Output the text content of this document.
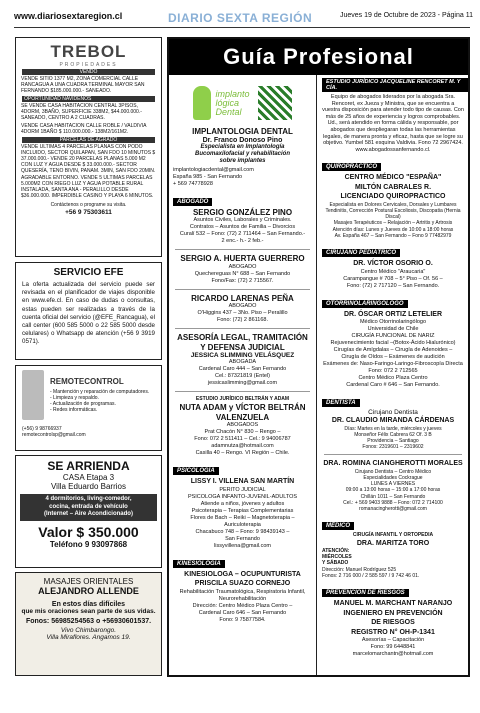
www.diariosextaregion.cl	DIARIO SEXTA REGIÓN	Jueves 19 de Octubre de 2023 - Página 11
TREBOL
PROPIEDADES
VENDO
VENDE SITIO 1377 M2, ZONA COMERCIAL CALLE RANCAGUA A UNA CUADRA TERMINAL MAYOR SAN FERNANDO $185.000.000.- SANEADO.
OPORTUNIDAD NAVIDENOS
SE VENDE CASA HABITACION CENTRAL 3PISOS, 4DORM, 3BAÑO, SUPERFICIE 338M2, $44.000.000.- SANEADO, CENTRO A 2 CUADRAS.
VENDE CASA HABITACION CALLE ROBLE / VALDIVIA 4DORM 1BAÑO $ 110.000.000.- 138M2/161M2.
PARCELAS DE AGRADO
VENDE ULTIMAS 4 PARCELAS PLANAS CON PODO INCLUIDO, SECTOR QUILAPAN, SAN FDO 10 MINUTOS $ 37.000.000.- VENDE 20 PARCELAS PLANAS 5.000 M2 CON LUZ Y AGUA DESDE $ 33.000.000.- SECTOR QUESERÍA, TENO BIVIN, PANAM. 3MIN, SAN FDO 20MIN. AGRADABLE ENTORNO. VENDE 5 ULTIMAS PARCELAS 5.000M2 CON RIEGO LUZ Y AGUA POTABLE RURAL INSTALADA, SANTA ANA - PERALILLO DESDE $36.000.000. IMPERDIBLE CASINO Y PLAYA 6 MINUTOS.
Contáctenos o programe su visita.
+56 9 75303611
SERVICIO EFE
La oferta actualizada del servicio puede ser revisada en el planificador de viajes disponible en www.efe.cl. En caso de dudas o consultas, estas pueden ser realizadas a través de la cuenta oficial del servicio (@EFE_Rancagua), el call center (600 585 5000 o 22 585 5000 desde celulares) o Whatsapp de atención (+56 9 3919 0571).
REMOTECONTROL
- Mantención y reparación de computadores.
- Limpieza y respaldo.
- Actualización de programas.
- Redes informáticas.
(+56) 9 98766937
remotecontrolsp@gmail.com
SE ARRIENDA
CASA Etapa 3
Villa Eduardo Barrios
4 dormitorios, living-comedor,
cocina, entrada de vehículo
(Internet – Aire Acondicionado)
Valor $ 350.000
Teléfono 9 93097868
MASAJES ORIENTALES
ALEJANDRO ALLENDE
En estos días difíciles
que mis oraciones sean parte de sus vidas.
Fonos: 56985254563 o +56930601537.
Vivo Chimbarongo.
Villa Miraflores. Angamos 19.
Guía Profesional
implanto
lógica
Dental
IMPLANTOLOGIA DENTAL
Dr. Franco Donoso Pino
Especialista en Implantología
Bucomaxilofacial y rehabilitación
sobre implantes
implantologiacdental@gmail.com
España 985 - San Fernando
+ 569 74778928
ABOGADO
SERGIO GONZÁLEZ PINO
Asuntos Civiles, Laborales y Criminales.
Contratos – Asuntos de Familia – Divorcios
Curalí 532 – Fono: (72) 2 711464 – San Fernando.-
2 enc.- h.- 2 feb.-
SERGIO A. HUERTA GUERRERO
ABOGADO
Quechereguas N° 688 – San Fernando
Fono/Fax: (72) 2 715567.
RICARDO LARENAS PEÑA
ABOGADO
O'Higgins 437 – 3No. Piso – Peralillo
Fono: (72) 2 861168.
ASESORÍA LEGAL, TRAMITACIÓN
Y DEFENSA JUDICIAL
JESSICA SLIMMING VELÁSQUEZ
ABOGADA
Cardenal Caro 444 – San Fernando
Cel.: 87321819 (Entel)
jessicaslimming@gmail.com
ESTUDIO JURÍDICO BELTRÁN Y ADAM
NUTA ADAM y VÍCTOR BELTRÁN
VALENZUELA
ABOGADOS
Prat Chacón N° 830 – Rengo –
Fono: 072 2 511411 – Cel.: 9 94006787
adamnutza@hotmail.com
Casilla 40 – Rengo. VI Región – Chile.
PSICOLOGÍA
LISSY I. VILLENA SAN MARTÍN
PERITO JUDICIAL
PSICOLOGA INFANTO-JUVENIL-ADULTOS
Atiende a niños, jóvenes y adultos
Psicoterapia – Terapias Complementarias
Flores de Bach – Reiki – Magnetoterapia –
Auriculoterapia
Chacabuco 748 – Fono: 9 98439143 –
San Fernando
lissyvillena@gmail.com
KINESIOLOGÍA
KINESIOLOGA – OCUPUNTURISTA
PRISCILA SUAZO CORNEJO
Rehabilitación Traumatológica, Respiratoria Infantil,
Neurorehabilitación
Dirección: Centro Médico Plaza Centro –
Cardenal Caro 646 – San Fernando
Fono: 9 75877584.
ESTUDIO JURÍDICO JACQUELINE RENCORET M. Y CÍA.
Equipo de abogados liderados por la abogada Sra. Rencoret, ex Jueza y Ministra, que se encuentra a vuestra disposición para atender todo tipo de causas. Con más de 25 años de experiencia y logros comprobables. Ud., será atendido en forma cálida y responsable, por abogados que despliegaran todas las herramientas legales, de manera pronta y eficaz, hasta que se logre su objetivo. Yumbel 581 esquina Valdivia. Fono 72 2967424. www.abogadossanfernando.cl.
QUIROPRÁCTICO
CENTRO MÉDICO "ESPAÑA"
MILTÓN CABRALES R.
LICENCIADO QUIROPRACTICO
Especialista en Dolores Cervicales, Dorsales y Lumbares
Tendinitis, Corrección Postural Escoliosis, Discopatia (Hernia Discal)
Masajes Terapéuticos – Relajación – Artritis y Artrosis
Atención días: Lunes y Jueves de 10:00 a 18:00 horas
Av. España 467 – San Fernando – Fono 9 77482979
CIRUJANO PEDIÁTRICO
DR. VÍCTOR OSORIO O.
Centro Médico "Araucaria"
Carampangue # 708 – 5° Piso – Of. 56 –
Fono: (72) 2 717120 – San Fernando.
OTORRINOLARINGÓLOGO
DR. ÓSCAR ORTIZ LETELIER
Médico Otorrinolaringólogo
Universidad de Chile
CIRUGÍA FUNCIONAL DE NARIZ
Rejuvenecimiento facial –(Botox-Ácido Hialurónico)
Cirugías de Amígdalas – Cirugía de Adenoides –
Cirugía de Oídos – Exámenes de audición
Exámenes de: Naso-Faringo-Laringo-Fibroscopía Directa
Fono: 072 2 712565
Centro Médico Plaza Centro
Cardenal Caro # 646 – San Fernando.
DENTISTA
Cirujano Dentista
DR. CLAUDIO MIRANDA CÁRDENAS
Días: Martes en la tarde, miércoles y jueves
Monseñor Félix Cabrera 62 Of. 3 B
Providencia – Santiago
Fonos: 2319601 – 2319602
DRA. ROMINA CIANGHEROTTI MORALES
Cirujano Dentista – Centro Médico
Especialidades Cockrague
LUNES A VIERNES
09:00 a 13:00 horas – 15:00 a 17:00 horas
Chillán 1011 – San Fernando
Cel.: + 569 9403 9888 – Fono: 072 2 714100
romanacingherotti@gmail.com
MÉDICO
CIRUGÍA INFANTIL Y ORTOPEDIA
DRA. MARITZA TORO
ATENCIÓN:
MIÉRCOLES
Y SÁBADO
Dirección: Manuel Rodríguez 525
Fonos: 2 716 000 / 2 585 597 / 9 742 46 01.
PREVENCIÓN DE RIESGOS
MANUEL M. MARCHANT NARANJO
INGENIERO EN PREVENCIÓN
DE RIESGOS
REGISTRO N° OH-P-1341
Asesorías – Capacitación
Fono: 99 6448841
marcelomarchantn@hotmail.com
